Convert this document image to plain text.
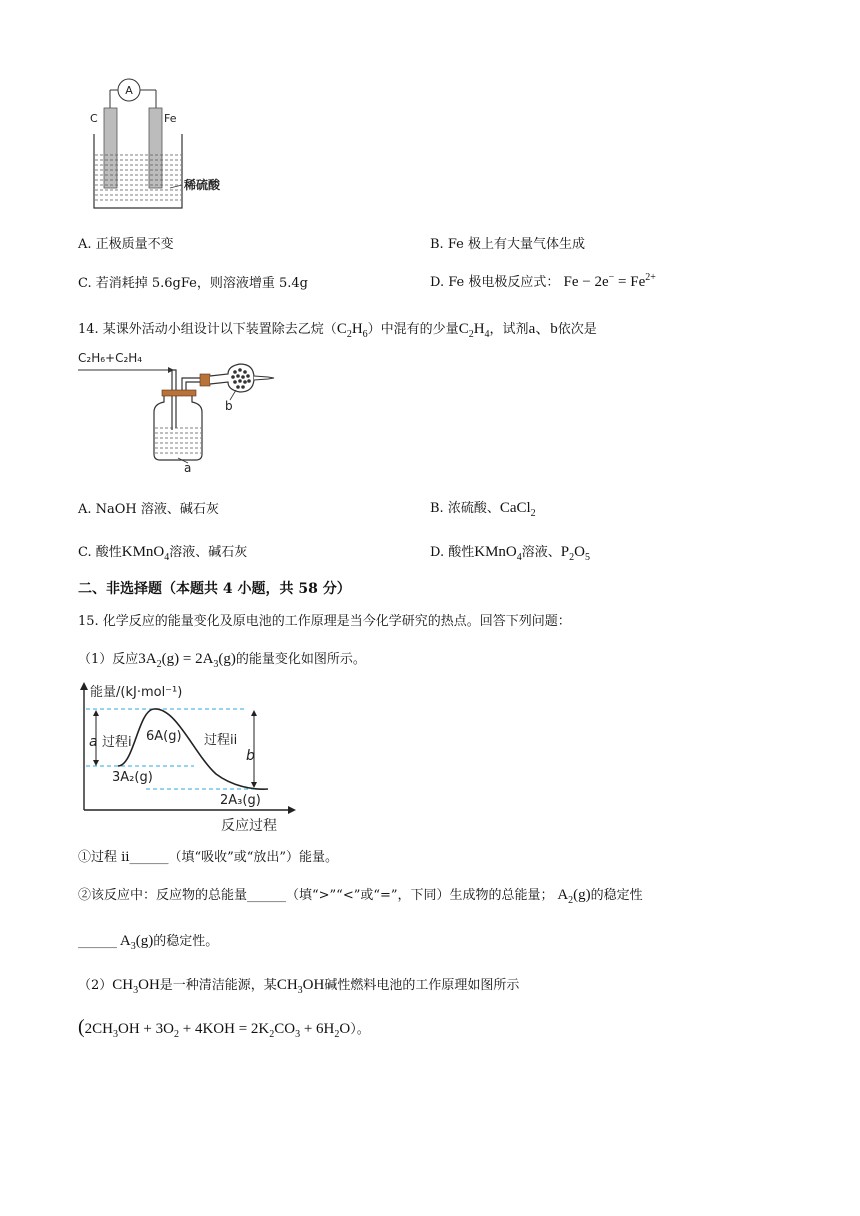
A
C	Fe
稀硫酸
A. 正极质量不变	B. Fe 极上有大量气体生成
C. 若消耗掉 5.6gFe，则溶液增重 5.4g	D. Fe 极电极反应式： $Fe - 2e^- = Fe^{2+}$
14. 某课外活动小组设计以下装置除去乙烷$(C_2H_6)$中混有的少量$C_2H_4$，试剂a、b依次是
C₂H₆+C₂H₄
a
b
A. NaOH 溶液、碱石灰	B. 浓硫酸、CaCl$_2$
C. 酸性KMnO$_4$溶液、碱石灰	D. 酸性KMnO$_4$溶液、$P_2O_5$
二、非选择题（本题共 4 小题，共 58 分）
15. 化学反应的能量变化及原电池的工作原理是当今化学研究的热点。回答下列问题：
（1）反应$3A_2(g) = 2A_3(g)$的能量变化如图所示。
能量/(kJ·mol⁻¹)
反应过程
a
b
过程i 6A(g) 过程ii
3A₂(g)
2A₃(g)
①过程 ii______（填“吸收”或“放出”）能量。
②该反应中：反应物的总能量______（填“>”“<”或“=”，下同）生成物的总能量； $A_2(g)$的稳定性
______ $A_3(g)$的稳定性。
$(2)CH_3OH$是一种清洁能源，某$CH_3OH$碱性燃料电池的工作原理如图所示
$(2CH_3OH + 3O_2 + 4KOH = 2K_2CO_3 + 6H_2O)$。
